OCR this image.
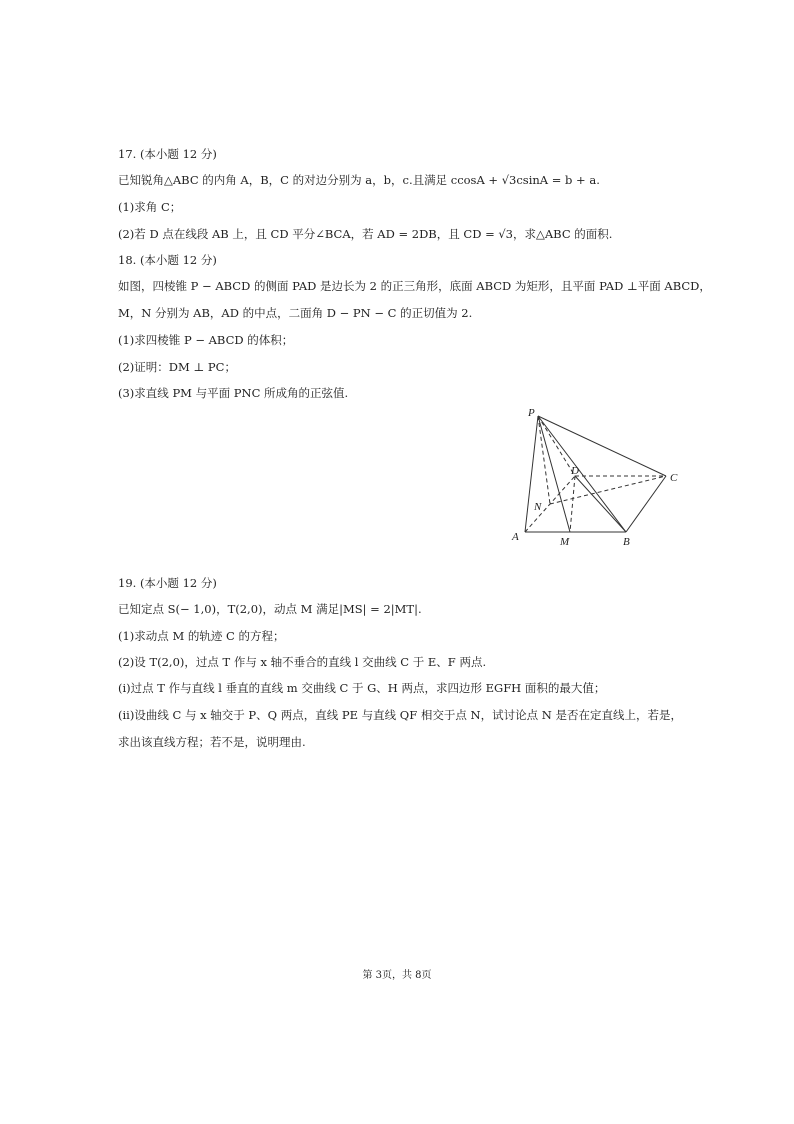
17. (本小题 12 分)
已知锐角△ABC 的内角 A，B，C 的对边分别为 a，b，c.且满足 ccosA + √3csinA = b + a.
(1)求角 C；
(2)若 D 点在线段 AB 上，且 CD 平分∠BCA，若 AD = 2DB，且 CD = √3，求△ABC 的面积.
18. (本小题 12 分)
如图，四棱锥 P − ABCD 的侧面 PAD 是边长为 2 的正三角形，底面 ABCD 为矩形，且平面 PAD ⊥平面 ABCD，
M，N 分别为 AB，AD 的中点，二面角 D − PN − C 的正切值为 2.
(1)求四棱锥 P − ABCD 的体积；
(2)证明：DM ⊥ PC；
(3)求直线 PM 与平面 PNC 所成角的正弦值.
P
D
C
N
A	M	B
19. (本小题 12 分)
已知定点 S(− 1,0)，T(2,0)，动点 M 满足|MS| = 2|MT|.
(1)求动点 M 的轨迹 C 的方程；
(2)设 T(2,0)，过点 T 作与 x 轴不垂合的直线 l 交曲线 C 于 E、F 两点.
(i)过点 T 作与直线 l 垂直的直线 m 交曲线 C 于 G、H 两点，求四边形 EGFH 面积的最大值；
(ii)设曲线 C 与 x 轴交于 P、Q 两点，直线 PE 与直线 QF 相交于点 N，试讨论点 N 是否在定直线上，若是，
求出该直线方程；若不是，说明理由.
第 3页，共 8页
